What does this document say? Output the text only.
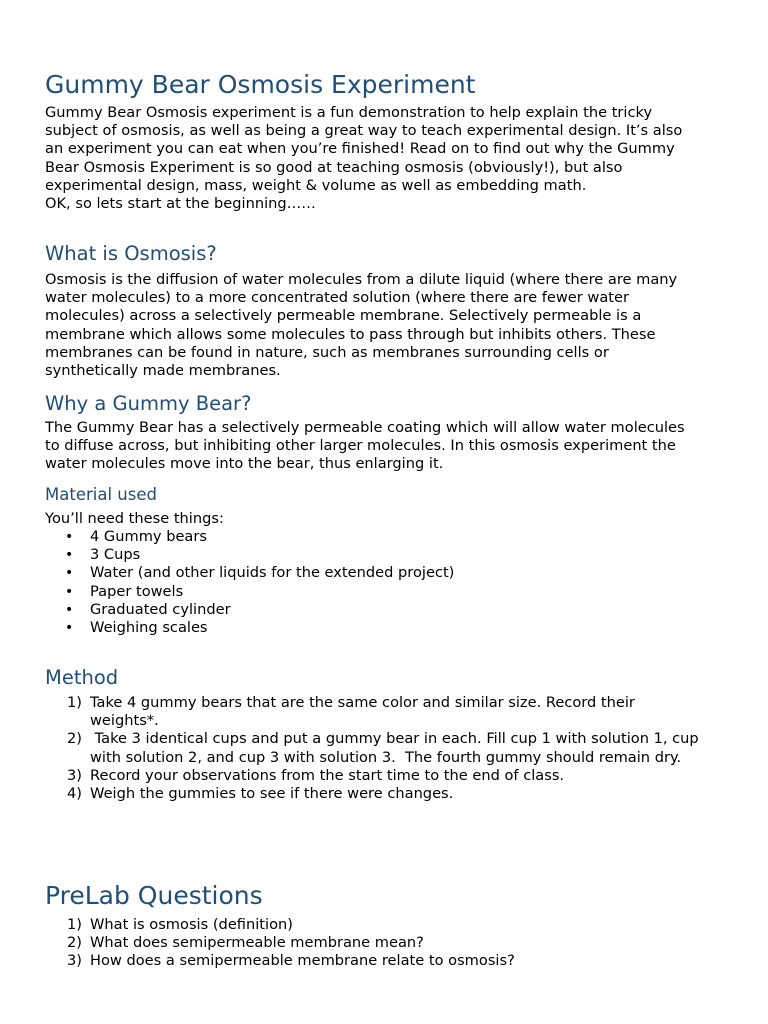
Gummy Bear Osmosis Experiment
Gummy Bear Osmosis experiment is a fun demonstration to help explain the tricky
subject of osmosis, as well as being a great way to teach experimental design. It’s also
an experiment you can eat when you’re finished! Read on to find out why the Gummy
Bear Osmosis Experiment is so good at teaching osmosis (obviously!), but also
experimental design, mass, weight & volume as well as embedding math.
OK, so lets start at the beginning……
What is Osmosis?
Osmosis is the diffusion of water molecules from a dilute liquid (where there are many
water molecules) to a more concentrated solution (where there are fewer water
molecules) across a selectively permeable membrane. Selectively permeable is a
membrane which allows some molecules to pass through but inhibits others. These
membranes can be found in nature, such as membranes surrounding cells or
synthetically made membranes.
Why a Gummy Bear?
The Gummy Bear has a selectively permeable coating which will allow water molecules
to diffuse across, but inhibiting other larger molecules. In this osmosis experiment the
water molecules move into the bear, thus enlarging it.
Material used
You’ll need these things:
• 4 Gummy bears
• 3 Cups
• Water (and other liquids for the extended project)
• Paper towels
• Graduated cylinder
• Weighing scales
Method
1) Take 4 gummy bears that are the same color and similar size. Record their
weights*.
2) Take 3 identical cups and put a gummy bear in each. Fill cup 1 with solution 1, cup
with solution 2, and cup 3 with solution 3.  The fourth gummy should remain dry.
3) Record your observations from the start time to the end of class.
4) Weigh the gummies to see if there were changes.
PreLab Questions
1) What is osmosis (definition)
2) What does semipermeable membrane mean?
3) How does a semipermeable membrane relate to osmosis?
